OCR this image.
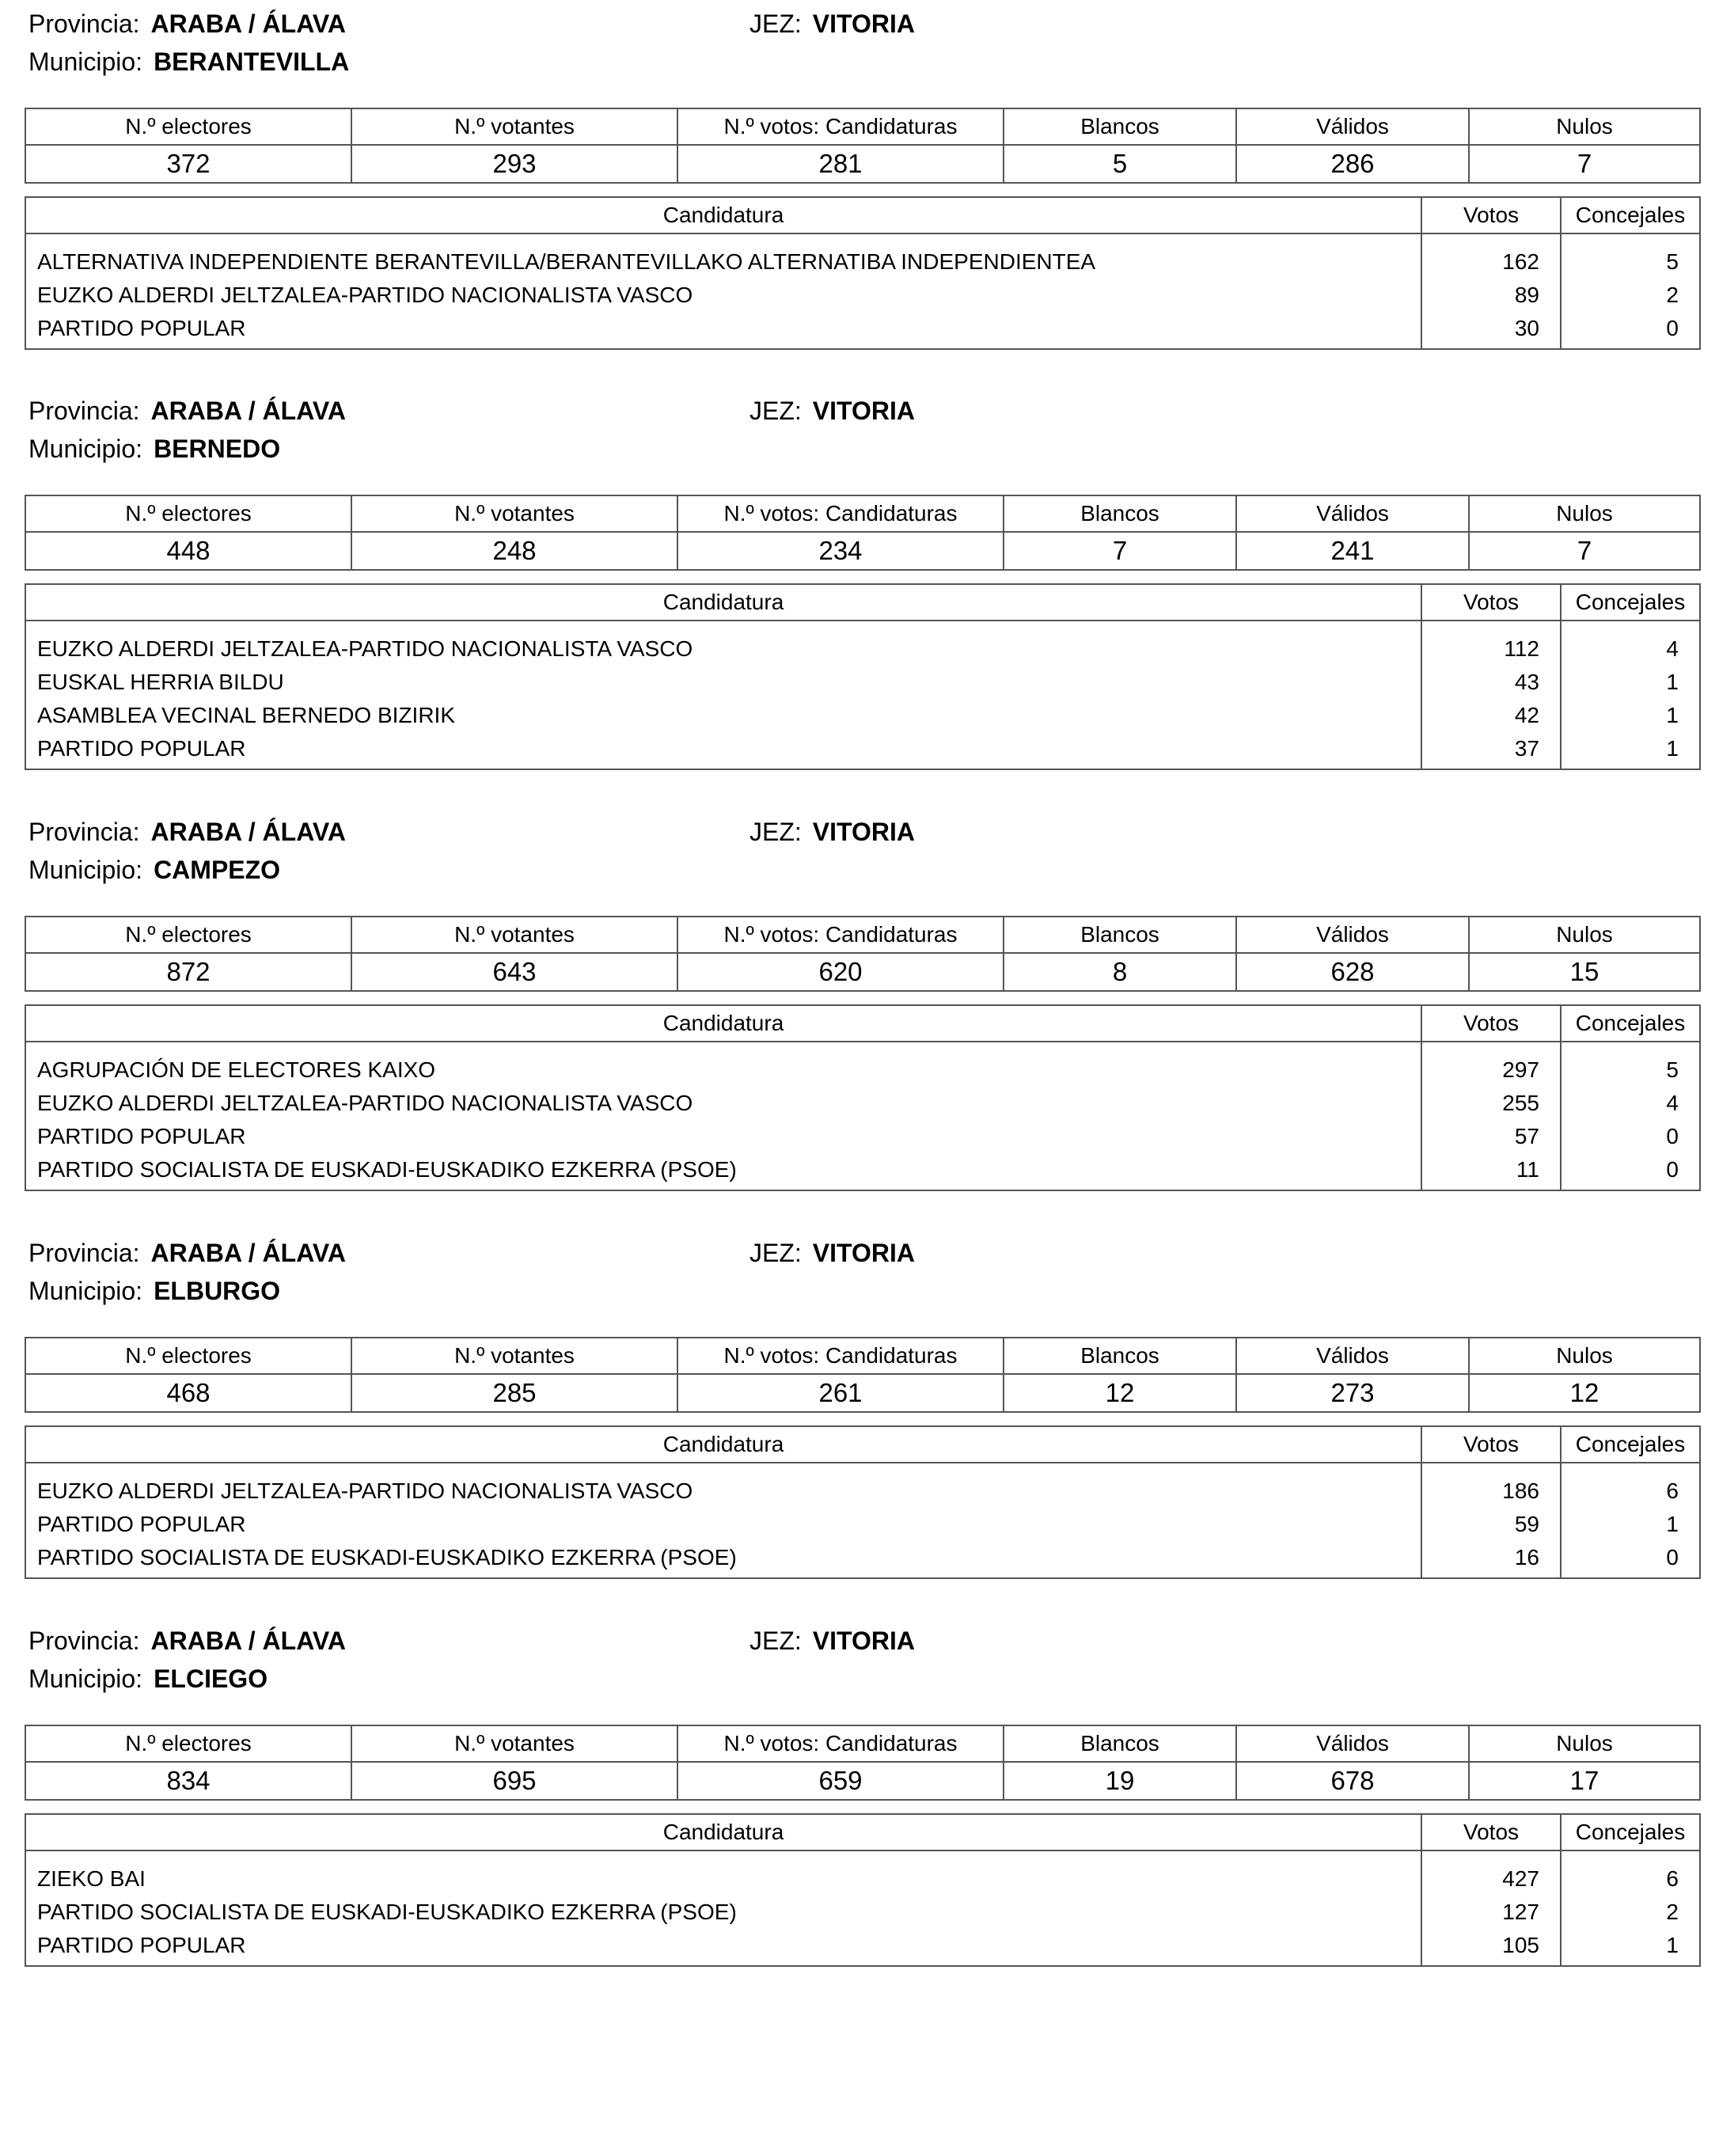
Provincia: ARABA / ÁLAVA	JEZ: VITORIA
Municipio: BERANTEVILLA
N.º electores	N.º votantes	N.º votos: Candidaturas	Blancos	Válidos	Nulos
372	293	281	5	286	7
Candidatura	Votos	Concejales
ALTERNATIVA INDEPENDIENTE BERANTEVILLA/BERANTEVILLAKO ALTERNATIBA INDEPENDIENTEA	162	5
EUZKO ALDERDI JELTZALEA-PARTIDO NACIONALISTA VASCO	89	2
PARTIDO POPULAR	30	0
Provincia: ARABA / ÁLAVA	JEZ: VITORIA
Municipio: BERNEDO
N.º electores	N.º votantes	N.º votos: Candidaturas	Blancos	Válidos	Nulos
448	248	234	7	241	7
Candidatura	Votos	Concejales
EUZKO ALDERDI JELTZALEA-PARTIDO NACIONALISTA VASCO	112	4
EUSKAL HERRIA BILDU	43	1
ASAMBLEA VECINAL BERNEDO BIZIRIK	42	1
PARTIDO POPULAR	37	1
Provincia: ARABA / ÁLAVA	JEZ: VITORIA
Municipio: CAMPEZO
N.º electores	N.º votantes	N.º votos: Candidaturas	Blancos	Válidos	Nulos
872	643	620	8	628	15
Candidatura	Votos	Concejales
AGRUPACIÓN DE ELECTORES KAIXO	297	5
EUZKO ALDERDI JELTZALEA-PARTIDO NACIONALISTA VASCO	255	4
PARTIDO POPULAR	57	0
PARTIDO SOCIALISTA DE EUSKADI-EUSKADIKO EZKERRA (PSOE)	11	0
Provincia: ARABA / ÁLAVA	JEZ: VITORIA
Municipio: ELBURGO
N.º electores	N.º votantes	N.º votos: Candidaturas	Blancos	Válidos	Nulos
468	285	261	12	273	12
Candidatura	Votos	Concejales
EUZKO ALDERDI JELTZALEA-PARTIDO NACIONALISTA VASCO	186	6
PARTIDO POPULAR	59	1
PARTIDO SOCIALISTA DE EUSKADI-EUSKADIKO EZKERRA (PSOE)	16	0
Provincia: ARABA / ÁLAVA	JEZ: VITORIA
Municipio: ELCIEGO
N.º electores	N.º votantes	N.º votos: Candidaturas	Blancos	Válidos	Nulos
834	695	659	19	678	17
Candidatura	Votos	Concejales
ZIEKO BAI	427	6
PARTIDO SOCIALISTA DE EUSKADI-EUSKADIKO EZKERRA (PSOE)	127	2
PARTIDO POPULAR	105	1
